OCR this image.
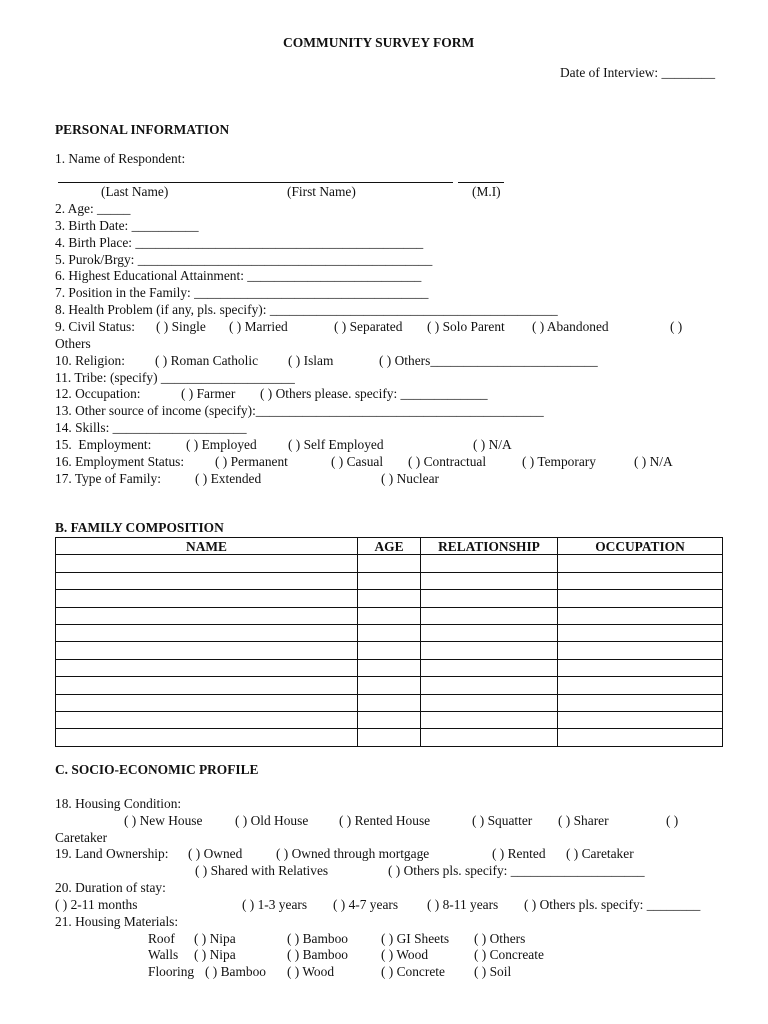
COMMUNITY SURVEY FORM
Date of Interview: ________
PERSONAL INFORMATION
1. Name of Respondent:
(Last Name)	(First Name)	(M.I)
2. Age: _____
3. Birth Date: __________
4. Birth Place: ___________________________________________
5. Purok/Brgy: ____________________________________________
6. Highest Educational Attainment: __________________________
7. Position in the Family: ___________________________________
8. Health Problem (if any, pls. specify): ___________________________________________
9. Civil Status: ( ) Single ( ) Married	( ) Separated ( ) Solo Parent ( ) Abandoned	( )
Others
10. Religion: ( ) Roman Catholic ( ) Islam	( ) Others_________________________
11. Tribe: (specify) ____________________
12. Occupation:	( ) Farmer ( ) Others please. specify: _____________
13. Other source of income (specify):___________________________________________
14. Skills: ____________________
15.  Employment:	( ) Employed ( ) Self Employed	( ) N/A
16. Employment Status: ( ) Permanent	( ) Casual ( ) Contractual	( ) Temporary	( ) N/A
17. Type of Family:	( ) Extended	( ) Nuclear
B. FAMILY COMPOSITION
NAME	AGE	RELATIONSHIP	OCCUPATION

C. SOCIO-ECONOMIC PROFILE
18. Housing Condition:
( ) New House ( ) Old House ( ) Rented House	( ) Squatter ( ) Sharer	( )
Caretaker
19. Land Ownership: ( ) Owned	( ) Owned through mortgage	( ) Rented ( ) Caretaker
( ) Shared with Relatives	( ) Others pls. specify: ____________________
20. Duration of stay:
( ) 2-11 months	( ) 1-3 years ( ) 4-7 years ( ) 8-11 years ( ) Others pls. specify: ________
21. Housing Materials:
Roof ( ) Nipa	( ) Bamboo ( ) GI Sheets ( ) Others
Walls ( ) Nipa	( ) Bamboo ( ) Wood	( ) Concreate
Flooring ( ) Bamboo ( ) Wood	( ) Concrete ( ) Soil
